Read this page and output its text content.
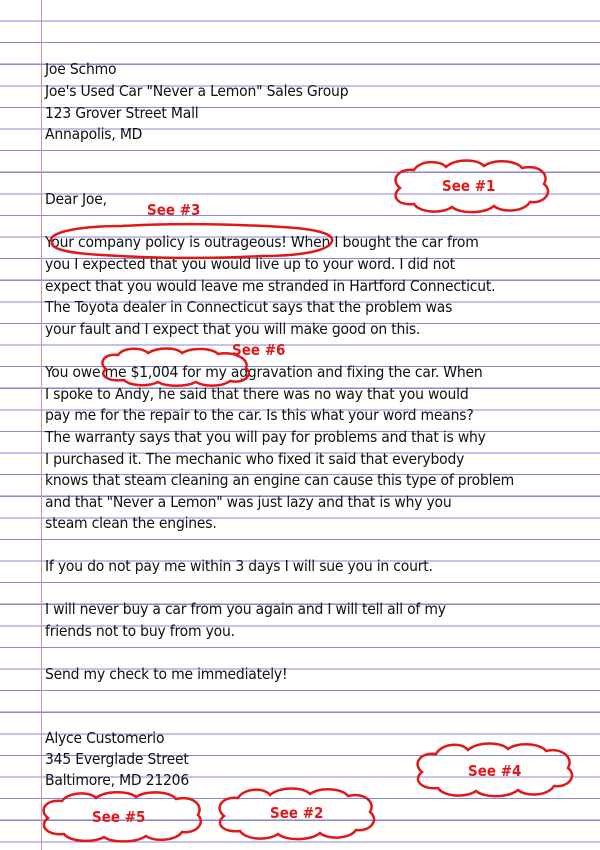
Joe Schmo
Joe's Used Car "Never a Lemon" Sales Group
123 Grover Street Mall
Annapolis, MD
Dear Joe,
Your company policy is outrageous! When I bought the car from
you I expected that you would live up to your word. I did not
expect that you would leave me stranded in Hartford Connecticut.
The Toyota dealer in Connecticut says that the problem was
your fault and I expect that you will make good on this.
You owe me $1,004 for my aggravation and fixing the car. When
I spoke to Andy, he said that there was no way that you would
pay me for the repair to the car. Is this what your word means?
The warranty says that you will pay for problems and that is why
I purchased it. The mechanic who fixed it said that everybody
knows that steam cleaning an engine can cause this type of problem
and that "Never a Lemon" was just lazy and that is why you
steam clean the engines.
If you do not pay me within 3 days I will sue you in court.
I will never buy a car from you again and I will tell all of my
friends not to buy from you.
Send my check to me immediately!
Alyce Customerio
345 Everglade Street
Baltimore, MD 21206
See #1
See #3
See #6
See #4
See #5	See #2
